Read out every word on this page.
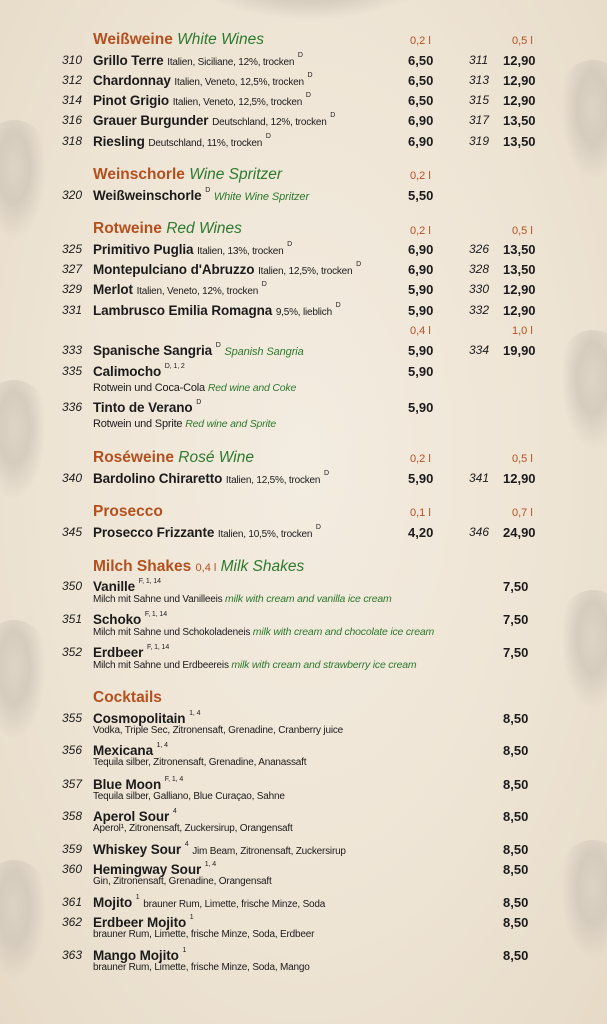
Weißweine White Wines	0,2 l	0,5 l
310 Grillo Terre Italien, Siciliane, 12%, trocken $^D$	6,50	311 12,90
312 Chardonnay Italien, Veneto, 12,5%, trocken $^D$	6,50	313 12,90
314 Pinot Grigio Italien, Veneto, 12,5%, trocken $^D$	6,50	315 12,90
316 Grauer Burgunder Deutschland, 12%, trocken $^D$	6,90	317 13,50
318 Riesling Deutschland, 11%, trocken $^D$	6,90	319 13,50
Weinschorle Wine Spritzer	0,2 l
320 Weißweinschorle $^D$ White Wine Spritzer	5,50
Rotweine Red Wines	0,2 l	0,5 l
325 Primitivo Puglia Italien, 13%, trocken $^D$	6,90	326 13,50
327 Montepulciano d'Abruzzo Italien, 12,5%, trocken $^D$	6,90	328 13,50
329 Merlot Italien, Veneto, 12%, trocken $^D$	5,90	330 12,90
331 Lambrusco Emilia Romagna 9,5%, lieblich $^D$	5,90	332 12,90
0,4 l	1,0 l
333 Spanische Sangria $^D$ Spanish Sangria	5,90	334 19,90
335 Calimocho $^{D, 1, 2}$	5,90
Rotwein und Coca-Cola Red wine and Coke
336 Tinto de Verano $^D$	5,90
Rotwein und Sprite Red wine and Sprite
Roséweine Rosé Wine	0,2 l	0,5 l
340 Bardolino Chiraretto Italien, 12,5%, trocken $^D$	5,90	341 12,90
Prosecco	0,1 l	0,7 l
345 Prosecco Frizzante Italien, 10,5%, trocken $^D$	4,20	346 24,90
Milch Shakes 0,4 l Milk Shakes
350 Vanille $^{F, 1, 14}$	7,50
Milch mit Sahne und Vanilleeis milk with cream and vanilla ice cream
351 Schoko $^{F, 1, 14}$	7,50
Milch mit Sahne und Schokoladeneis milk with cream and chocolate ice cream
352 Erdbeer $^{F, 1, 14}$	7,50
Milch mit Sahne und Erdbeereis milk with cream and strawberry ice cream
Cocktails
355 Cosmopolitain $^{1, 4}$	8,50
Vodka, Triple Sec, Zitronensaft, Grenadine, Cranberry juice
356 Mexicana $^{1, 4}$	8,50
Tequila silber, Zitronensaft, Grenadine, Ananassaft
357 Blue Moon $^{F, 1, 4}$	8,50
Tequila silber, Galliano, Blue Curaçao, Sahne
358 Aperol Sour $^4$	8,50
Aperol¹, Zitronensaft, Zuckersirup, Orangensaft
359 Whiskey Sour $^4$ Jim Beam, Zitronensaft, Zuckersirup	8,50
360 Hemingway Sour $^{1, 4}$	8,50
Gin, Zitronensaft, Grenadine, Orangensaft
361 Mojito $^1$ brauner Rum, Limette, frische Minze, Soda	8,50
362 Erdbeer Mojito $^1$	8,50
brauner Rum, Limette, frische Minze, Soda, Erdbeer
363 Mango Mojito $^1$	8,50
brauner Rum, Limette, frische Minze, Soda, Mango
